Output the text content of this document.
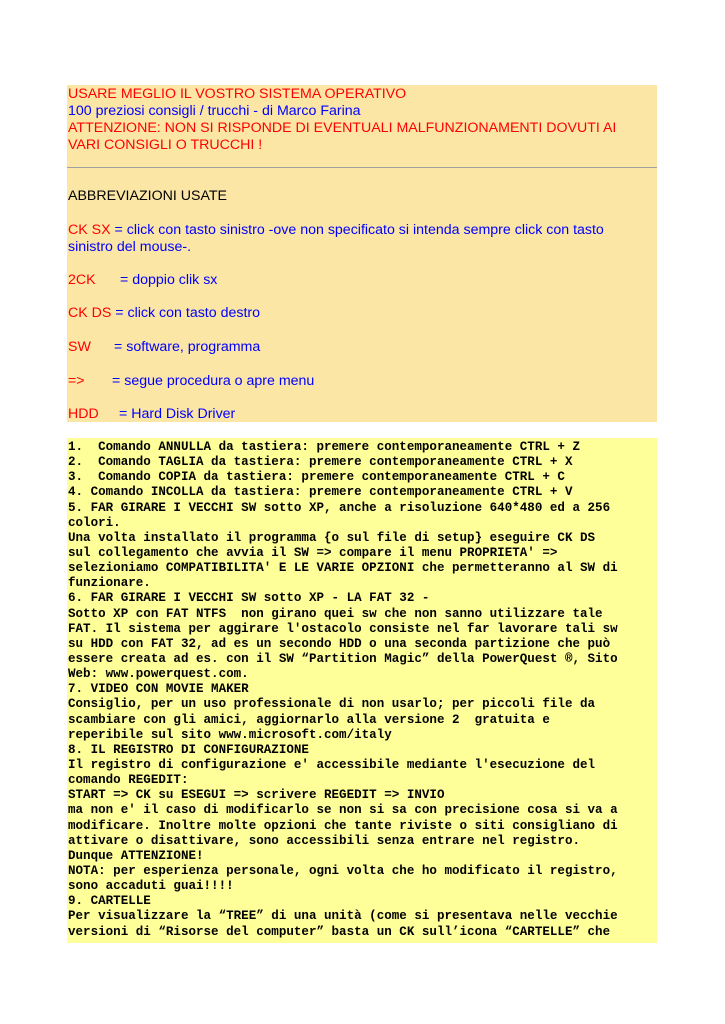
USARE MEGLIO IL VOSTRO SISTEMA OPERATIVO
100 preziosi consigli / trucchi - di Marco Farina
ATTENZIONE: NON SI RISPONDE DI EVENTUALI MALFUNZIONAMENTI DOVUTI AI
VARI CONSIGLI O TRUCCHI !
ABBREVIAZIONI USATE
CK SX = click con tasto sinistro -ove non specificato si intenda sempre click con tasto
sinistro del mouse-.
2CK = doppio clik sx
CK DS = click con tasto destro
SW = software, programma
=> = segue procedura o apre menu
HDD = Hard Disk Driver
1.  Comando ANNULLA da tastiera: premere contemporaneamente CTRL + Z
2.  Comando TAGLIA da tastiera: premere contemporaneamente CTRL + X
3.  Comando COPIA da tastiera: premere contemporaneamente CTRL + C
4. Comando INCOLLA da tastiera: premere contemporaneamente CTRL + V
5. FAR GIRARE I VECCHI SW sotto XP, anche a risoluzione 640*480 ed a 256
colori.
Una volta installato il programma {o sul file di setup} eseguire CK DS
sul collegamento che avvia il SW => compare il menu PROPRIETA' =>
selezioniamo COMPATIBILITA' E LE VARIE OPZIONI che permetteranno al SW di
funzionare.
6. FAR GIRARE I VECCHI SW sotto XP - LA FAT 32 -
Sotto XP con FAT NTFS  non girano quei sw che non sanno utilizzare tale
FAT. Il sistema per aggirare l'ostacolo consiste nel far lavorare tali sw
su HDD con FAT 32, ad es un secondo HDD o una seconda partizione che può
essere creata ad es. con il SW “Partition Magic” della PowerQuest ®, Sito
Web: www.powerquest.com.
7. VIDEO CON MOVIE MAKER
Consiglio, per un uso professionale di non usarlo; per piccoli file da
scambiare con gli amici, aggiornarlo alla versione 2  gratuita e
reperibile sul sito www.microsoft.com/italy
8. IL REGISTRO DI CONFIGURAZIONE
Il registro di configurazione e' accessibile mediante l'esecuzione del
comando REGEDIT:
START => CK su ESEGUI => scrivere REGEDIT => INVIO
ma non e' il caso di modificarlo se non si sa con precisione cosa si va a
modificare. Inoltre molte opzioni che tante riviste o siti consigliano di
attivare o disattivare, sono accessibili senza entrare nel registro.
Dunque ATTENZIONE!
NOTA: per esperienza personale, ogni volta che ho modificato il registro,
sono accaduti guai!!!!
9. CARTELLE
Per visualizzare la “TREE” di una unità (come si presentava nelle vecchie
versioni di “Risorse del computer” basta un CK sull’icona “CARTELLE” che
